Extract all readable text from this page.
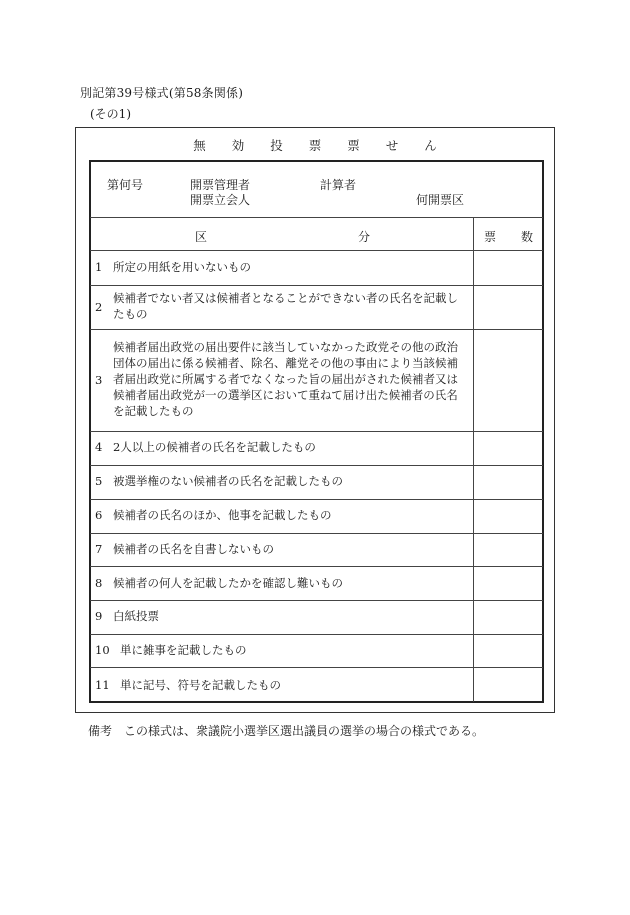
別記第39号様式(第58条関係)
(その1)
無 効 投 票 票 せ ん
第何号	開票管理者	計算者
開票立会人	何開票区
区	分	票 数
1 所定の用紙を用いないもの
2
候補者でない者又は候補者となることができない者の氏名を記載し
たもの
3
候補者届出政党の届出要件に該当していなかった政党その他の政治
団体の届出に係る候補者、除名、離党その他の事由により当該候補
者届出政党に所属する者でなくなった旨の届出がされた候補者又は
候補者届出政党が一の選挙区において重ねて届け出た候補者の氏名
を記載したもの
4 2人以上の候補者の氏名を記載したもの
5 被選挙権のない候補者の氏名を記載したもの
6 候補者の氏名のほか、他事を記載したもの
7 候補者の氏名を自書しないもの
8 候補者の何人を記載したかを確認し難いもの
9 白紙投票
10 単に雑事を記載したもの
11 単に記号、符号を記載したもの
備考　この様式は、衆議院小選挙区選出議員の選挙の場合の様式である。
